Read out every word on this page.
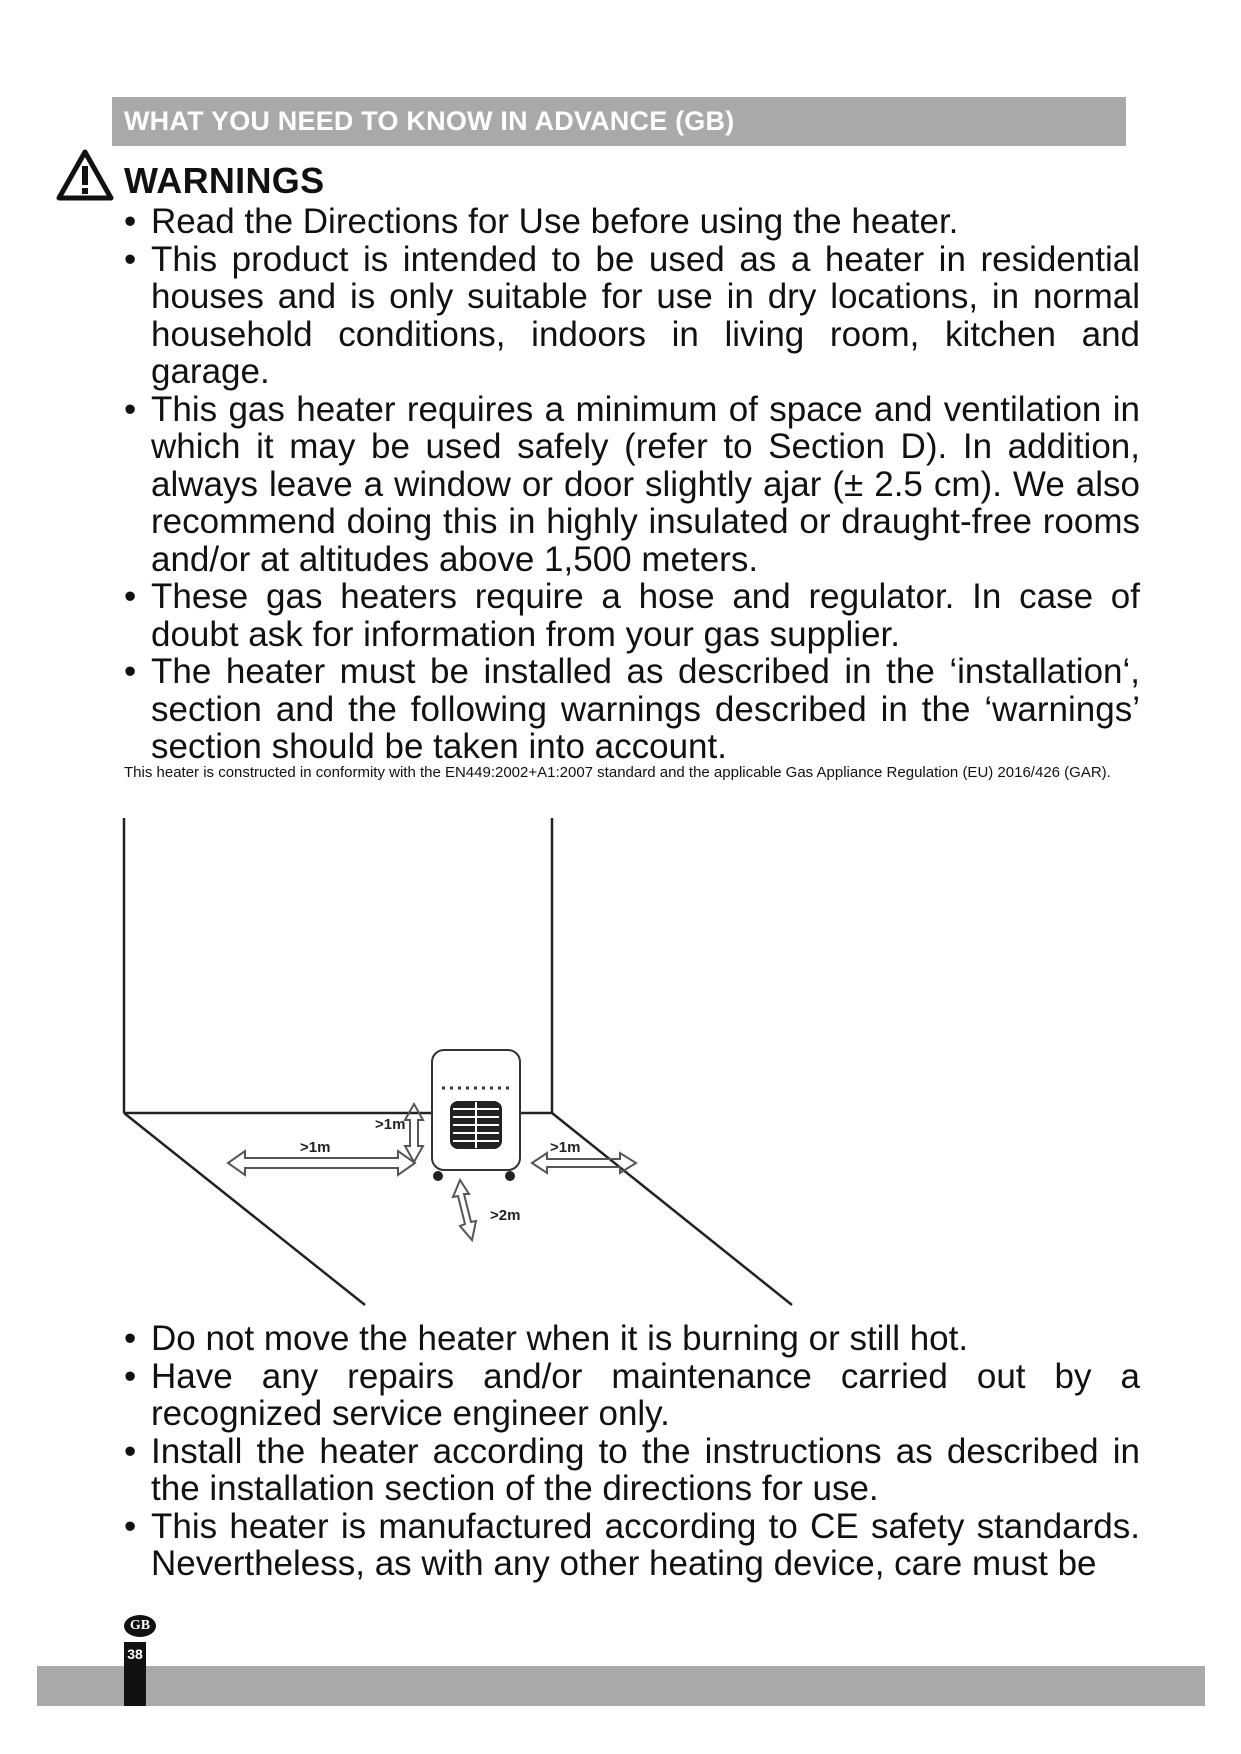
WHAT YOU NEED TO KNOW IN ADVANCE (GB)
WARNINGS
• Read the Directions for Use before using the heater.
• This product is intended to be used as a heater in residential houses and is only suitable for use in dry locations, in normal household conditions, indoors in living room, kitchen and garage.
• This gas heater requires a minimum of space and ventilation in which it may be used safely (refer to Section D). In addition, always leave a window or door slightly ajar (± 2.5 cm). We also recommend doing this in highly insulated or draught-free rooms and/or at altitudes above 1,500 meters.
• These gas heaters require a hose and regulator. In case of doubt ask for information from your gas supplier.
• The heater must be installed as described in the ‘installation‘, section and the following warnings described in the ‘warnings’ section should be taken into account.
This heater is constructed in conformity with the EN449:2002+A1:2007 standard and the applicable Gas Appliance Regulation (EU) 2016/426 (GAR).
>1m
>1m
>1m
>2m
• Do not move the heater when it is burning or still hot.
• Have any repairs and/or maintenance carried out by a recognized service engineer only.
• Install the heater according to the instructions as described in the installation section of the directions for use.
• This heater is manufactured according to CE safety standards. Nevertheless, as with any other heating device, care must be
GB
38
